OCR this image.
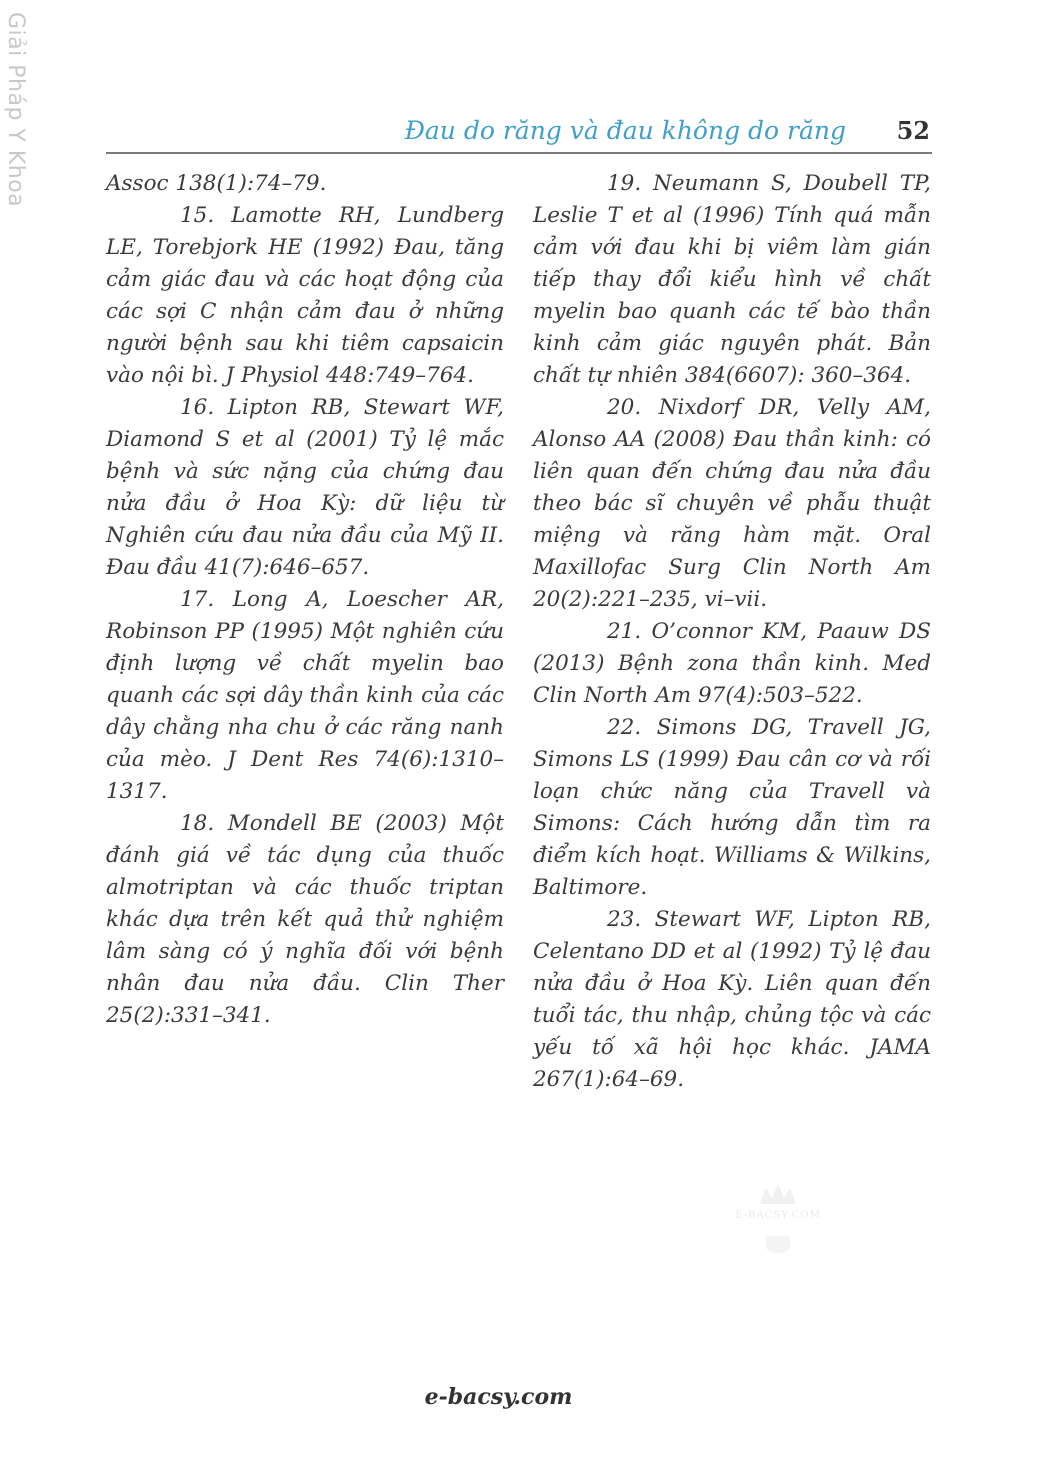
Giải Pháp Y Khoa	Đau do răng và đau không do răng 52

Assoc 138(1):74–79.

15. Lamotte RH, Lundberg LE, Torebjork HE (1992) Đau, tăng cảm giác đau và các hoạt động của các sợi C nhận cảm đau ở những người bệnh sau khi tiêm capsaicin vào nội bì. J Physiol 448:749–764.

16. Lipton RB, Stewart WF, Diamond S et al (2001) Tỷ lệ mắc bệnh và sức nặng của chứng đau nửa đầu ở Hoa Kỳ: dữ liệu từ Nghiên cứu đau nửa đầu của Mỹ II. Đau đầu 41(7):646–657.

17. Long A, Loescher AR, Robinson PP (1995) Một nghiên cứu định lượng về chất myelin bao quanh các sợi dây thần kinh của các dây chằng nha chu ở các răng nanh của mèo. J Dent Res 74(6):1310–1317.

18. Mondell BE (2003) Một đánh giá về tác dụng của thuốc almotriptan và các thuốc triptan khác dựa trên kết quả thử nghiệm lâm sàng có ý nghĩa đối với bệnh nhân đau nửa đầu. Clin Ther 25(2):331–341.

19. Neumann S, Doubell TP, Leslie T et al (1996) Tính quá mẫn cảm với đau khi bị viêm làm gián tiếp thay đổi kiểu hình về chất myelin bao quanh các tế bào thần kinh cảm giác nguyên phát. Bản chất tự nhiên 384(6607): 360–364.

20. Nixdorf DR, Velly AM, Alonso AA (2008) Đau thần kinh: có liên quan đến chứng đau nửa đầu theo bác sĩ chuyên về phẫu thuật miệng và răng hàm mặt. Oral Maxillofac Surg Clin North Am 20(2):221–235, vi–vii.

21. O’connor KM, Paauw DS (2013) Bệnh zona thần kinh. Med Clin North Am 97(4):503–522.

22. Simons DG, Travell JG, Simons LS (1999) Đau cân cơ và rối loạn chức năng của Travell và Simons: Cách hướng dẫn tìm ra điểm kích hoạt. Williams & Wilkins, Baltimore.

23. Stewart WF, Lipton RB, Celentano DD et al (1992) Tỷ lệ đau nửa đầu ở Hoa Kỳ. Liên quan đến tuổi tác, thu nhập, chủng tộc và các yếu tố xã hội học khác. JAMA 267(1):64–69.

E-BACSY.COM
e-bacsy.com
